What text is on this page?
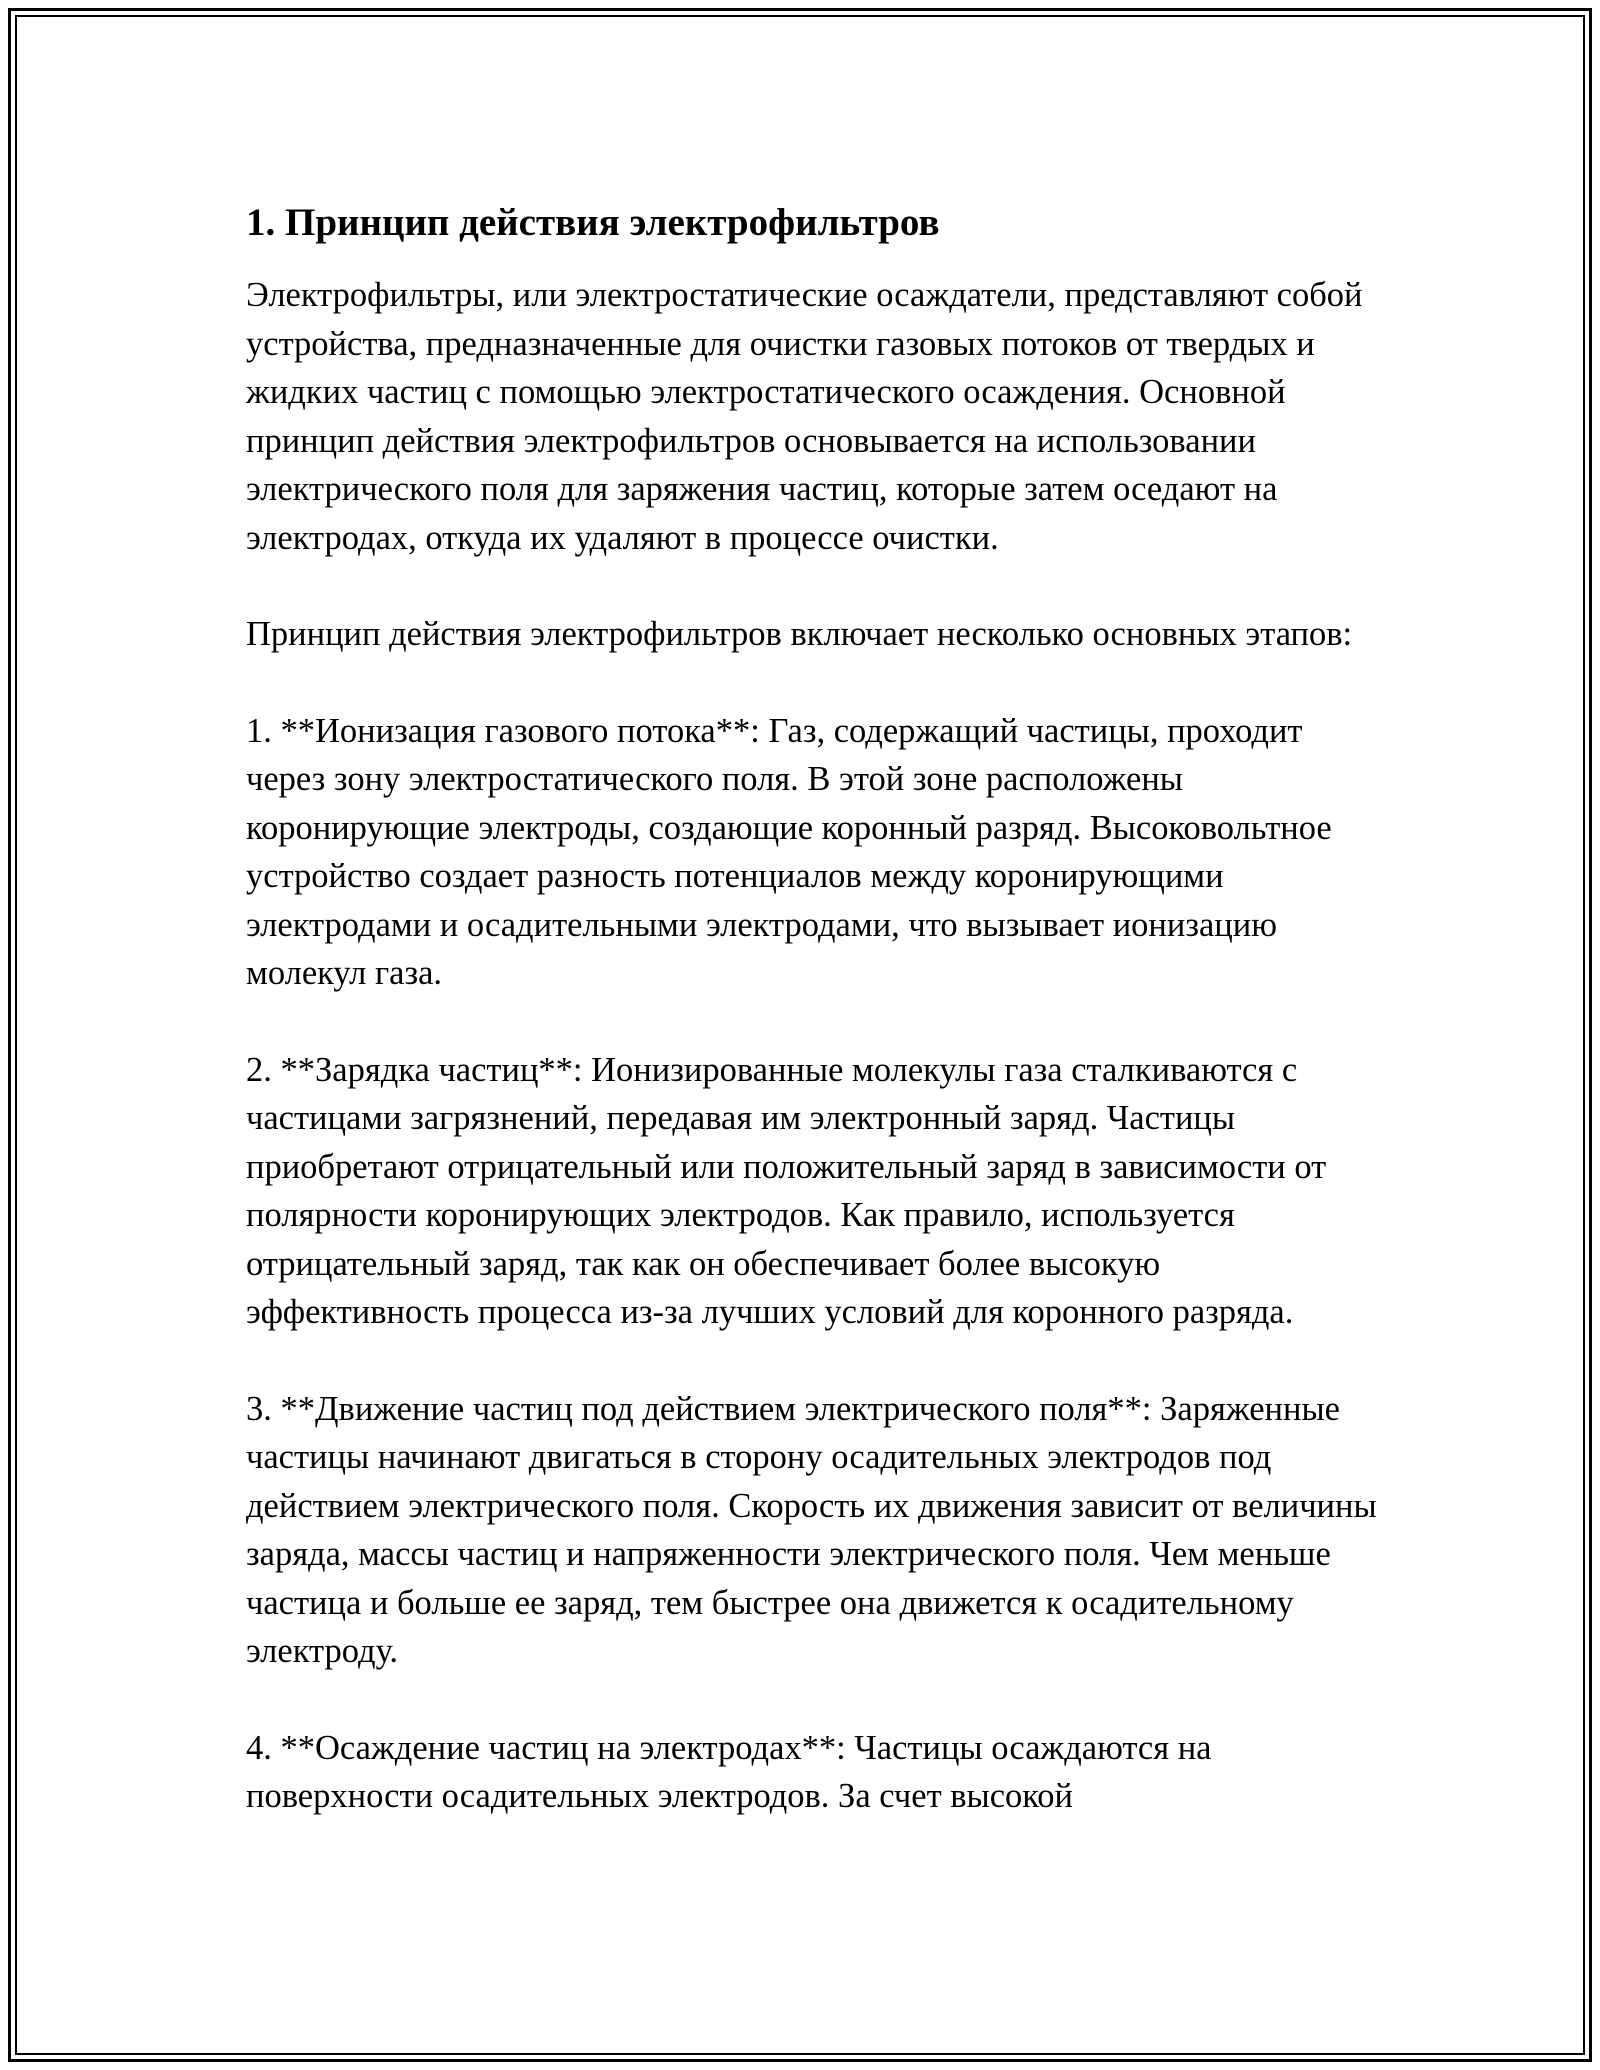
1. Принцип действия электрофильтров

Электрофильтры, или электростатические осаждатели, представляют собой устройства, предназначенные для очистки газовых потоков от твердых и жидких частиц с помощью электростатического осаждения. Основной принцип действия электрофильтров основывается на использовании электрического поля для заряжения частиц, которые затем оседают на электродах, откуда их удаляют в процессе очистки.

Принцип действия электрофильтров включает несколько основных этапов:

1. **Ионизация газового потока**: Газ, содержащий частицы, проходит через зону электростатического поля. В этой зоне расположены коронирующие электроды, создающие коронный разряд. Высоковольтное устройство создает разность потенциалов между коронирующими электродами и осадительными электродами, что вызывает ионизацию молекул газа.

2. **Зарядка частиц**: Ионизированные молекулы газа сталкиваются с частицами загрязнений, передавая им электронный заряд. Частицы приобретают отрицательный или положительный заряд в зависимости от полярности коронирующих электродов. Как правило, используется отрицательный заряд, так как он обеспечивает более высокую эффективность процесса из-за лучших условий для коронного разряда.

3. **Движение частиц под действием электрического поля**: Заряженные частицы начинают двигаться в сторону осадительных электродов под действием электрического поля. Скорость их движения зависит от величины заряда, массы частиц и напряженности электрического поля. Чем меньше частица и больше ее заряд, тем быстрее она движется к осадительному электроду.

4. **Осаждение частиц на электродах**: Частицы осаждаются на поверхности осадительных электродов. За счет высокой
